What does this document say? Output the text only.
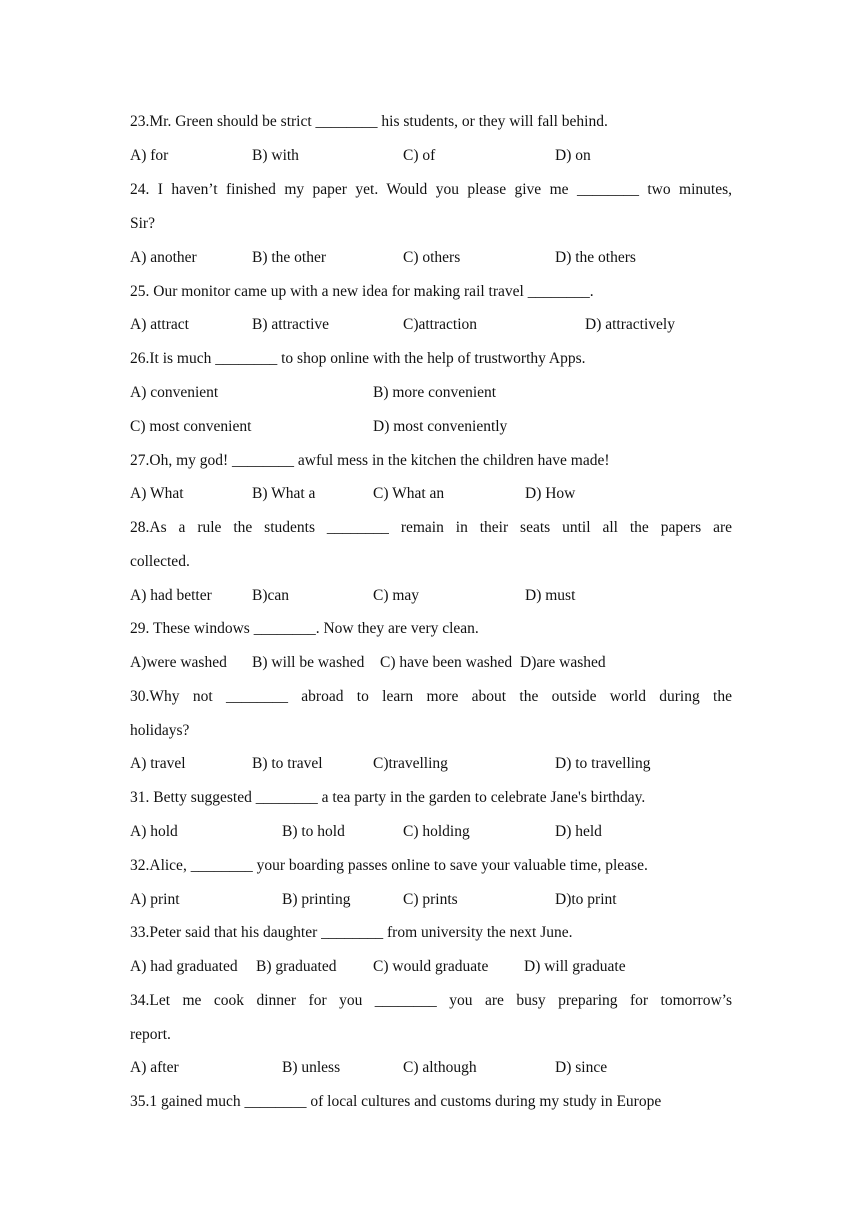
23.Mr. Green should be strict ________ his students, or they will fall behind.
A) for	B) with	C) of	D) on
24. I haven’t finished my paper yet. Would you please give me ________ two minutes,
Sir?
A) another	B) the other	C) others	D) the others
25. Our monitor came up with a new idea for making rail travel ________.
A) attract	B) attractive	C)attraction	D) attractively
26.It is much ________ to shop online with the help of trustworthy Apps.
A) convenient	B) more convenient
C) most convenient	D) most conveniently
27.Oh, my god! ________ awful mess in the kitchen the children have made!
A) What	B) What a	C) What an	D) How
28.As a rule the students ________ remain in their seats until all the papers are
collected.
A) had better	B)can	C) may	D) must
29. These windows ________. Now they are very clean.
A)were washed B) will be washed C) have been washed D)are washed
30.Why not ________ abroad to learn more about the outside world during the
holidays?
A) travel	B) to travel	C)travelling	D) to travelling
31. Betty suggested ________ a tea party in the garden to celebrate Jane's birthday.
A) hold	B) to hold	C) holding	D) held
32.Alice, ________ your boarding passes online to save your valuable time, please.
A) print	B) printing	C) prints	D)to print
33.Peter said that his daughter ________ from university the next June.
A) had graduated B) graduated C) would graduate D) will graduate
34.Let me cook dinner for you ________ you are busy preparing for tomorrow’s
report.
A) after	B) unless	C) although	D) since
35.1 gained much ________ of local cultures and customs during my study in Europe
